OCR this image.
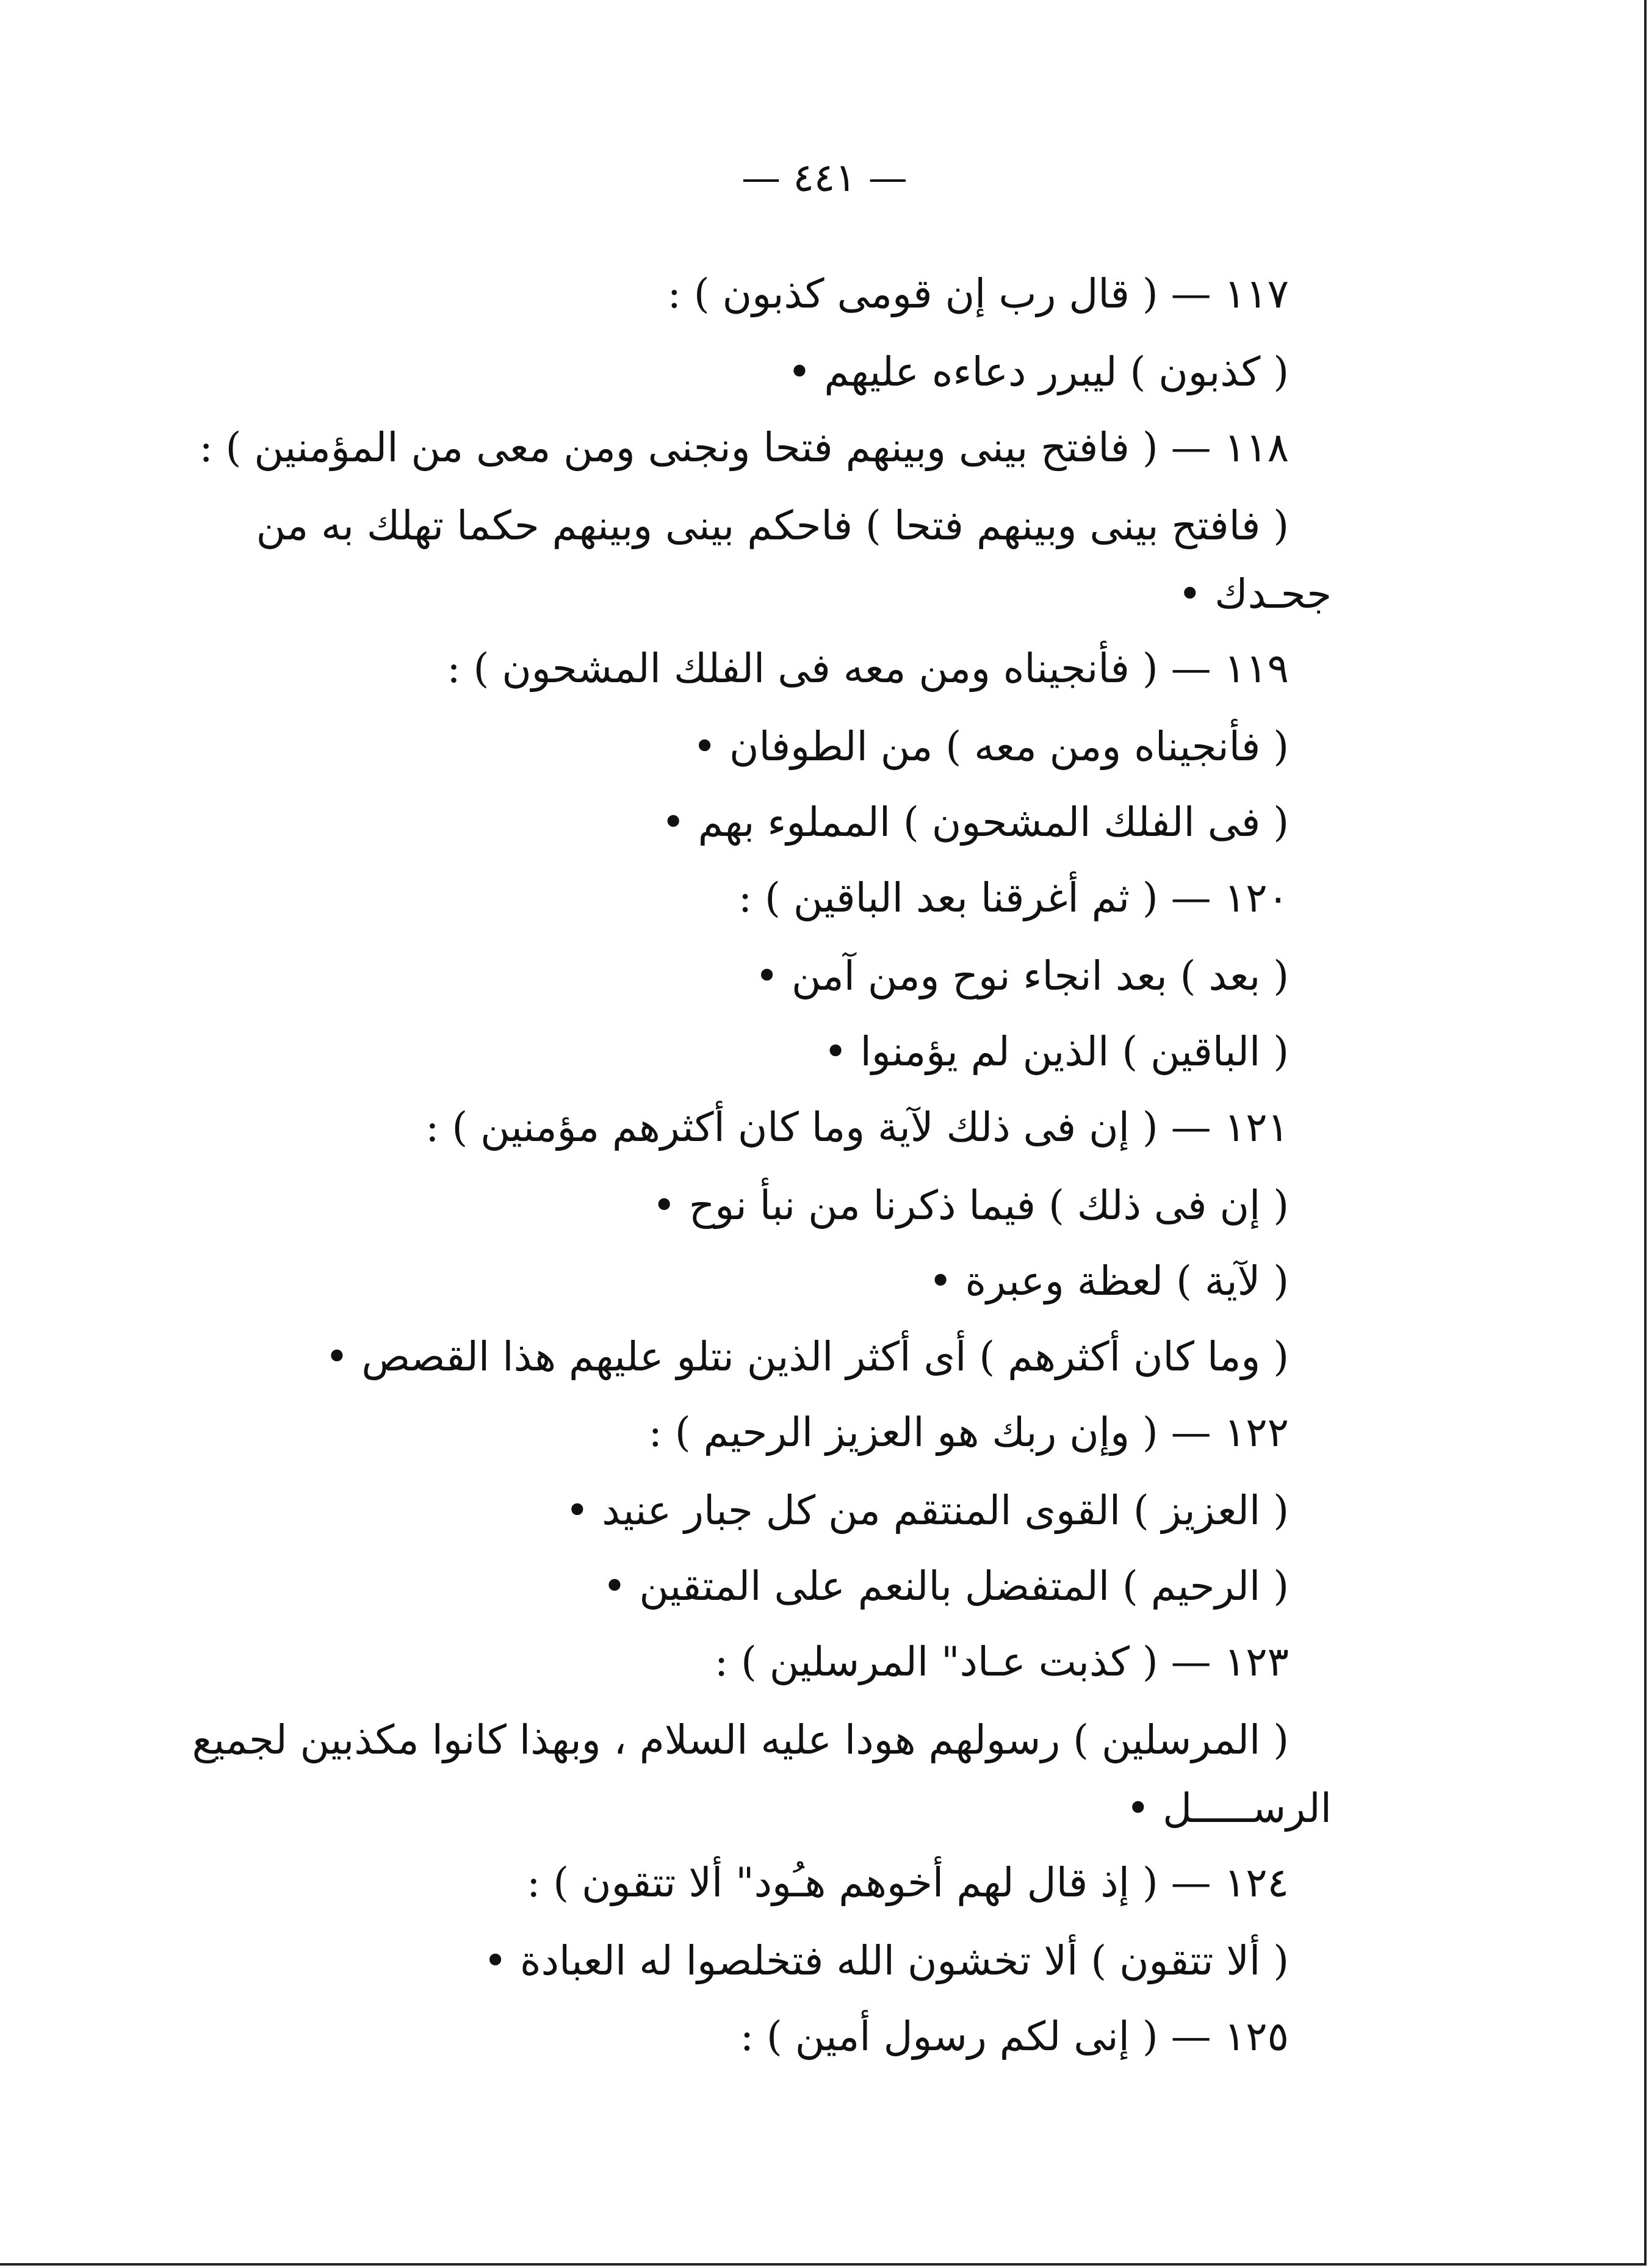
— ٤٤١ —
١١٧ — ( قال رب إن قومى كذبون ) :
( كذبون ) ليبرر دعاءه عليهم •
١١٨ — ( فافتح بينى وبينهم فتحا ونجنى ومن معى من المؤمنين ) :
( فافتح بينى وبينهم فتحا ) فاحكم بينى وبينهم حكما تهلك به من
جحـدك •
١١٩ — ( فأنجيناه ومن معه فى الفلك المشحون ) :
( فأنجيناه ومن معه ) من الطوفان •
( فى الفلك المشحون ) المملوء بهم •
١٢٠ — ( ثم أغرقنا بعد الباقين ) :
( بعد ) بعد انجاء نوح ومن آمن •
( الباقين ) الذين لم يؤمنوا •
١٢١ — ( إن فى ذلك لآية وما كان أكثرهم مؤمنين ) :
( إن فى ذلك ) فيما ذكرنا من نبأ نوح •
( لآية ) لعظة وعبرة •
( وما كان أكثرهم ) أى أكثر الذين نتلو عليهم هذا القصص •
١٢٢ — ( وإن ربك هو العزيز الرحيم ) :
( العزيز ) القوى المنتقم من كل جبار عنيد •
( الرحيم ) المتفضل بالنعم على المتقين •
١٢٣ — ( كذبت عـاد" المرسلين ) :
( المرسلين ) رسولهم هودا عليه السلام ، وبهذا كانوا مكذبين لجميع
الرســـــل •
١٢٤ — ( إذ قال لهم أخوهم هـُود" ألا تتقون ) :
( ألا تتقون ) ألا تخشون الله فتخلصوا له العبادة •
١٢٥ — ( إنى لكم رسول أمين ) :
